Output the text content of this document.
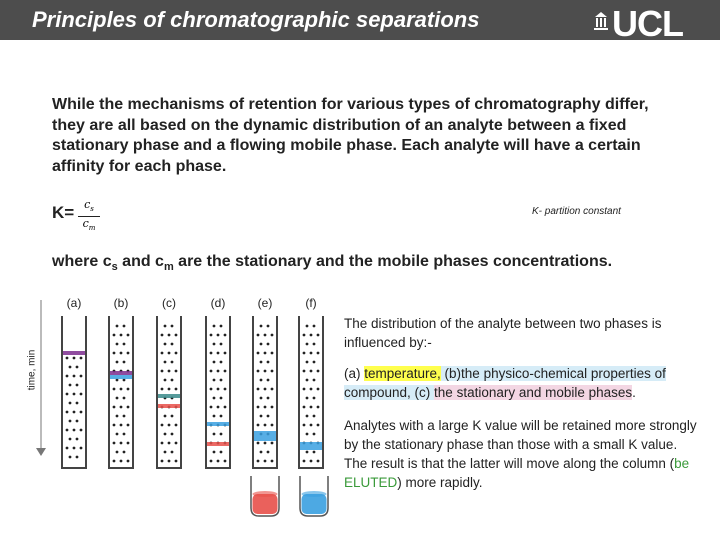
Principles of chromatographic separations	UCL
While the mechanisms of retention for various types of chromatography differ, they are all based on the dynamic distribution of an analyte between a fixed stationary phase and a flowing mobile phase. Each analyte will have a certain affinity for each phase.
$K= \frac{c_s}{c_m}$	K- partition constant
where $c_s$ and $c_m$ are the stationary and the mobile phases concentrations.
time, min
(a)	(b)	(c)	(d)	(e)	(f)
The distribution of the analyte between two phases is influenced by:-
(a) temperature, (b)the physico-chemical properties of compound, (c) the stationary and mobile phases.
Analytes with a large K value will be retained more strongly by the stationary phase than those with a small K value.
The result is that the latter will move along the column (be ELUTED) more rapidly.
